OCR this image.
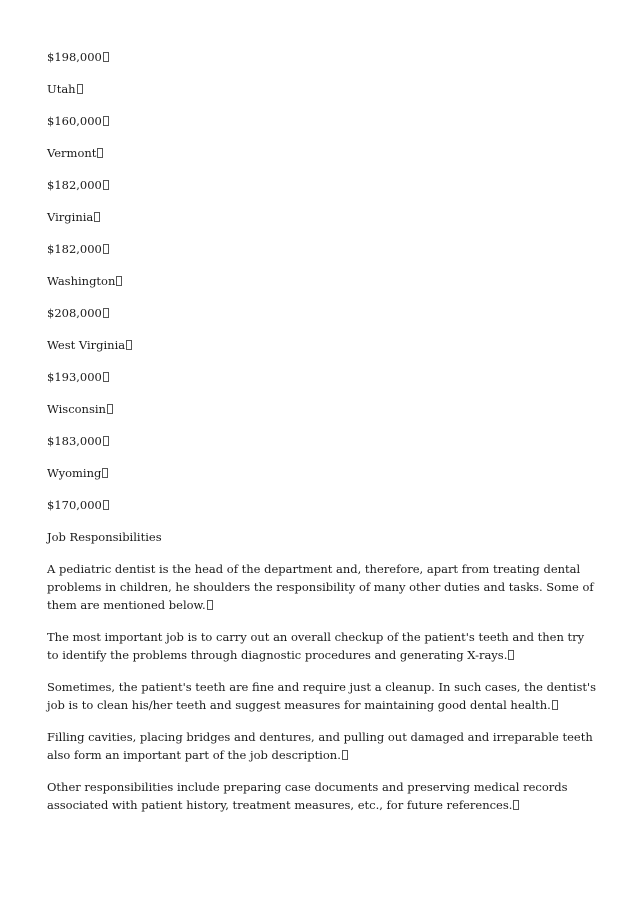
$198,000
Utah
$160,000
Vermont
$182,000
Virginia
$182,000
Washington
$208,000
West Virginia
$193,000
Wisconsin
$183,000
Wyoming
$170,000
Job Responsibilities
A pediatric dentist is the head of the department and, therefore, apart from treating dental problems in children, he shoulders the responsibility of many other duties and tasks. Some of them are mentioned below.
The most important job is to carry out an overall checkup of the patient's teeth and then try to identify the problems through diagnostic procedures and generating X-rays.
Sometimes, the patient's teeth are fine and require just a cleanup. In such cases, the dentist's job is to clean his/her teeth and suggest measures for maintaining good dental health.
Filling cavities, placing bridges and dentures, and pulling out damaged and irreparable teeth also form an important part of the job description.
Other responsibilities include preparing case documents and preserving medical records associated with patient history, treatment measures, etc., for future references.
